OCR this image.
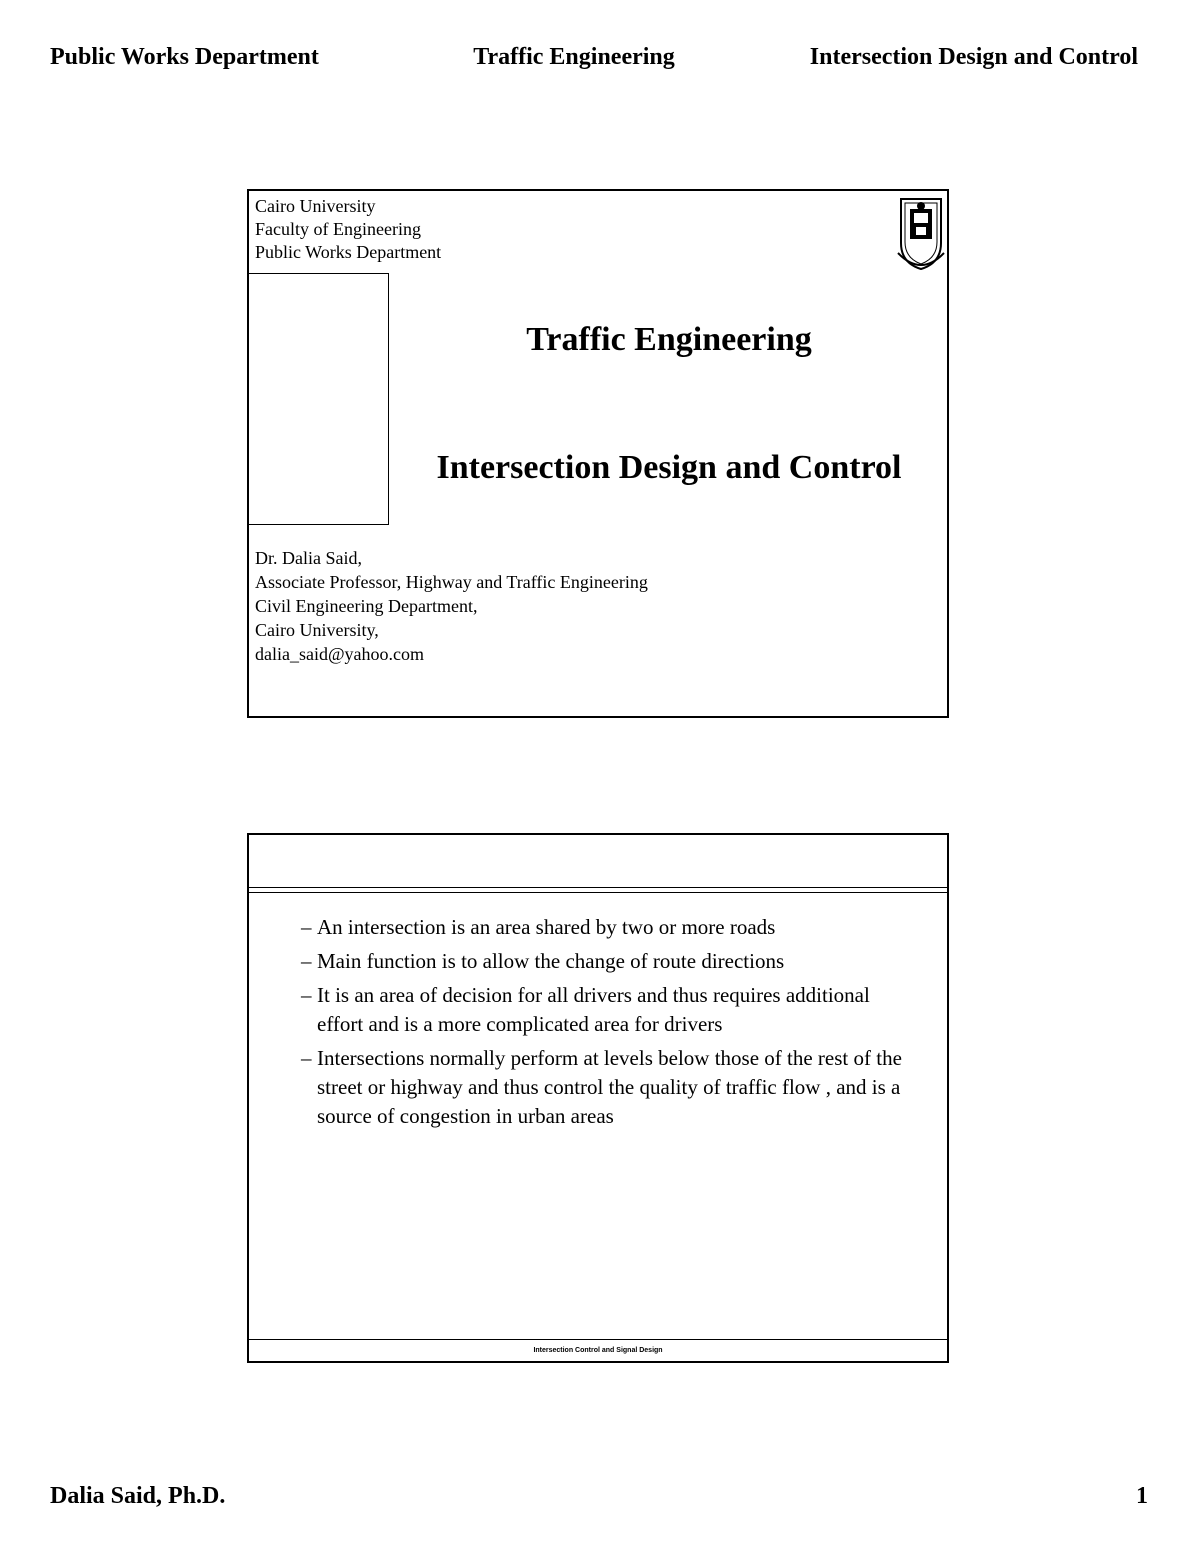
Public Works Department	Traffic Engineering	Intersection Design and Control
Cairo University
Faculty of Engineering
Public Works Department
Traffic Engineering
Intersection Design and Control
Dr. Dalia Said,
Associate Professor, Highway and Traffic Engineering
Civil Engineering Department,
Cairo University,
dalia_said@yahoo.com
– An intersection is an area shared by two or more roads
– Main function is to allow the change of route directions
– It is an area of decision for all drivers and thus requires additional effort and is a more complicated area for drivers
– Intersections normally perform at levels below those of the rest of the street or highway and thus control the quality of traffic flow , and is a source of congestion in urban areas
Intersection Control and Signal Design
Dalia Said, Ph.D.	1
